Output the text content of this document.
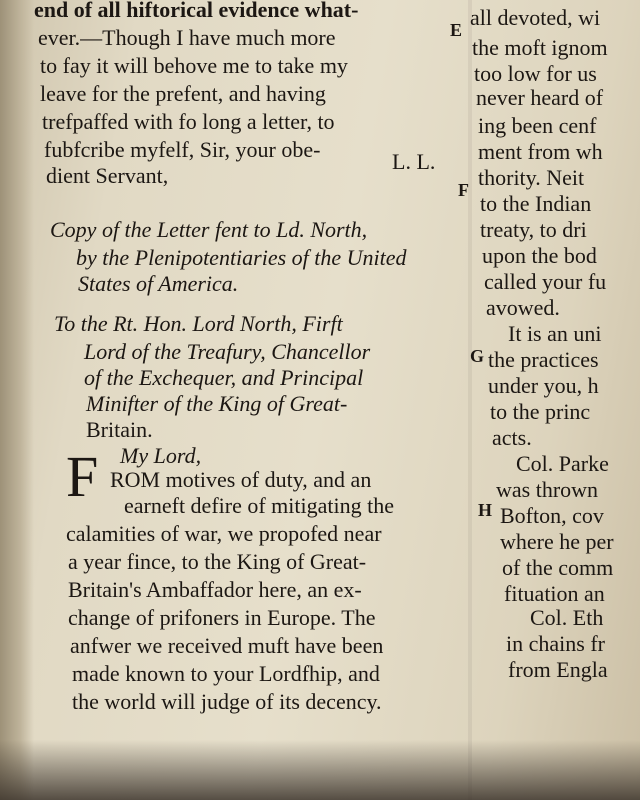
end of all hiftorical evidence what-
ever.—Though I have much more
to fay it will behove me to take my
leave for the prefent, and having
trefpaffed with fo long a letter, to
fubfcribe myfelf, Sir, your obe-
dient Servant,
L. L.
Copy of the Letter fent to Ld. North,
by the Plenipotentiaries of the United
States of America.
To the Rt. Hon. Lord North, Firft
Lord of the Treafury, Chancellor
of the Exchequer, and Principal
Minifter of the King of Great-
Britain.
My Lord,
F ROM motives of duty, and an
earneft defire of mitigating the
calamities of war, we propofed near
a year fince, to the King of Great-
Britain's Ambaffador here, an ex-
change of prifoners in Europe. The
anfwer we received muft have been
made known to your Lordfhip, and
the world will judge of its decency.
E
F
G
H
all devoted, wi
the moft ignom
too low for us
never heard of
ing been cenf
ment from wh
thority. Neit
to the Indian
treaty, to dri
upon the bod
called your fu
avowed.
It is an uni
the practices
under you, h
to the princ
acts.
Col. Parke
was thrown
Bofton, cov
where he per
of the comm
fituation an
Col. Eth
in chains fr
from Engla
